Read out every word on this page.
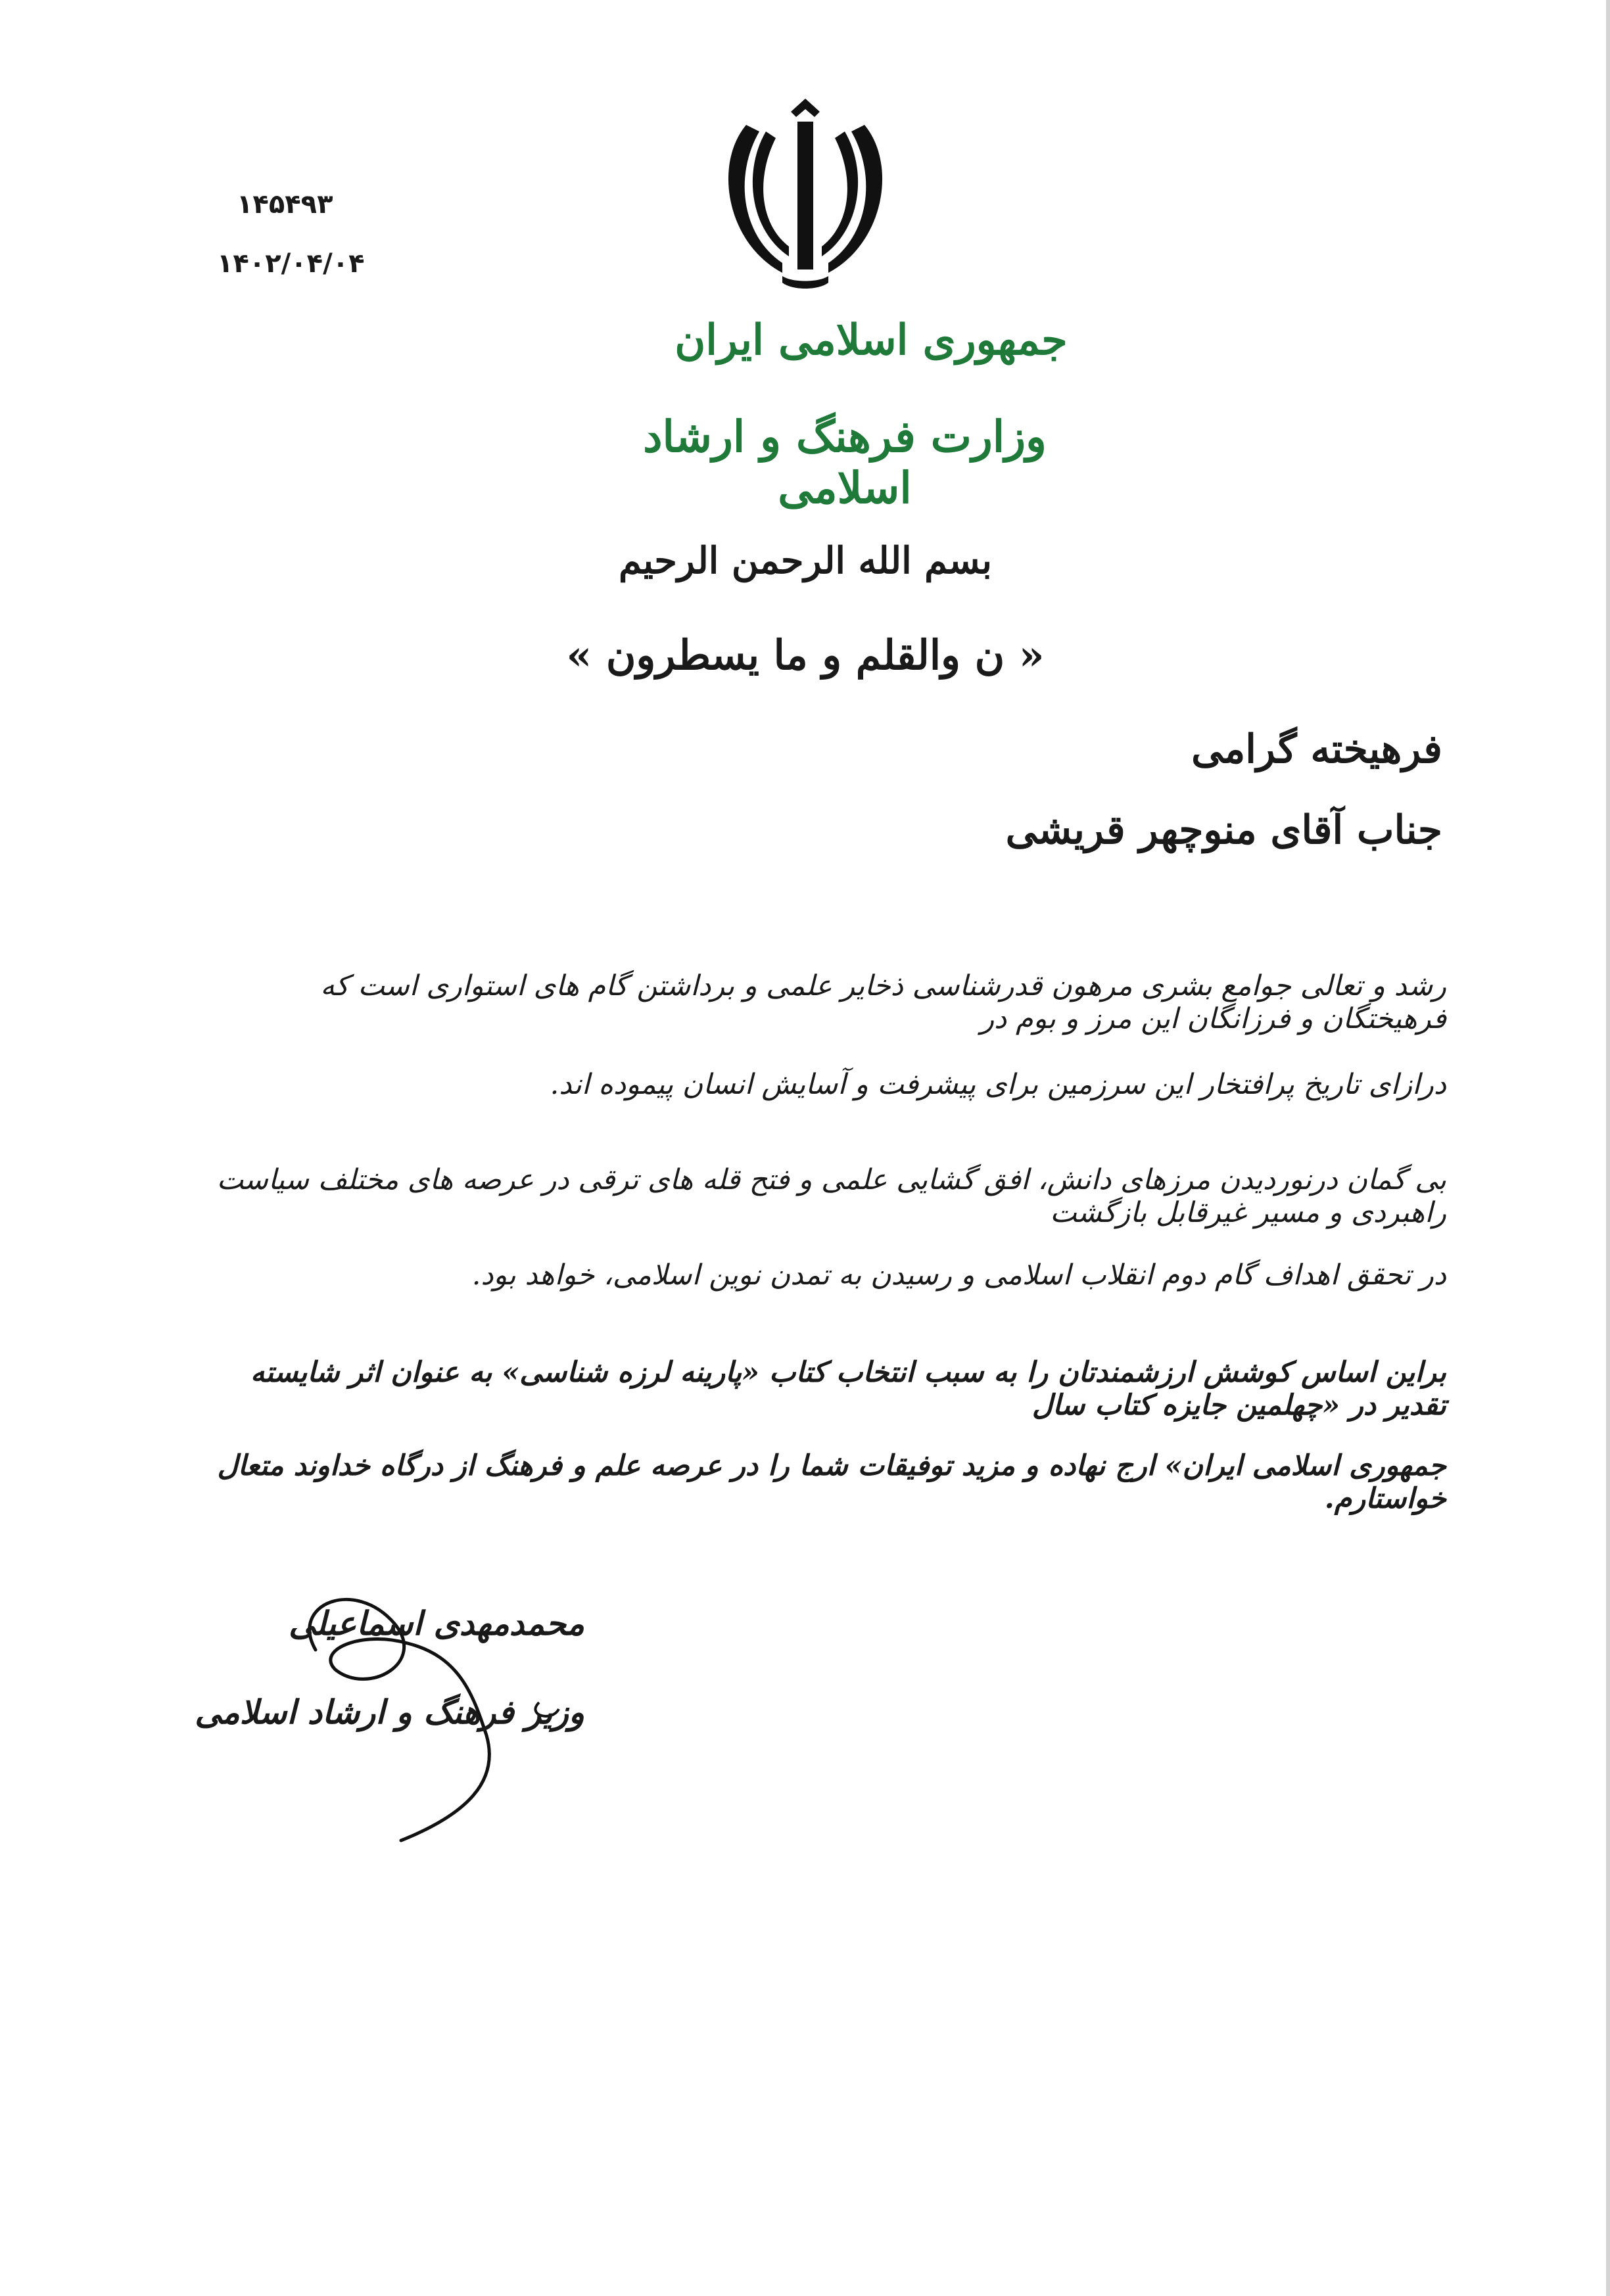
۱۴۵۴۹۳
۱۴۰۲/۰۴/۰۴
جمهوری اسلامی ایران
وزارت فرهنگ و ارشاد اسلامی
بسم الله الرحمن الرحیم
« ن والقلم و ما یسطرون »
فرهیخته گرامی
جناب آقای منوچهر قریشی
رشد و تعالی جوامع بشری مرهون قدرشناسی ذخایر علمی و برداشتن گام های استواری است که فرهیختگان و فرزانگان این مرز و بوم در
درازای تاریخ پرافتخار این سرزمین برای پیشرفت و آسایش انسان پیموده اند.
بی گمان درنوردیدن مرزهای دانش، افق گشایی علمی و فتح قله های ترقی در عرصه های مختلف سیاست راهبردی و مسیر غیرقابل بازگشت
در تحقق اهداف گام دوم انقلاب اسلامی و رسیدن به تمدن نوین اسلامی، خواهد بود.
براین اساس کوشش ارزشمندتان را به سبب انتخاب کتاب «پارینه لرزه شناسی» به عنوان اثر شایسته تقدیر در «چهلمین جایزه کتاب سال
جمهوری اسلامی ایران» ارج نهاده و مزید توفیقات شما را در عرصه علم و فرهنگ از درگاه خداوند متعال خواستارم.
محمدمهدی اسماعیلی
وزیر فرهنگ و ارشاد اسلامی
